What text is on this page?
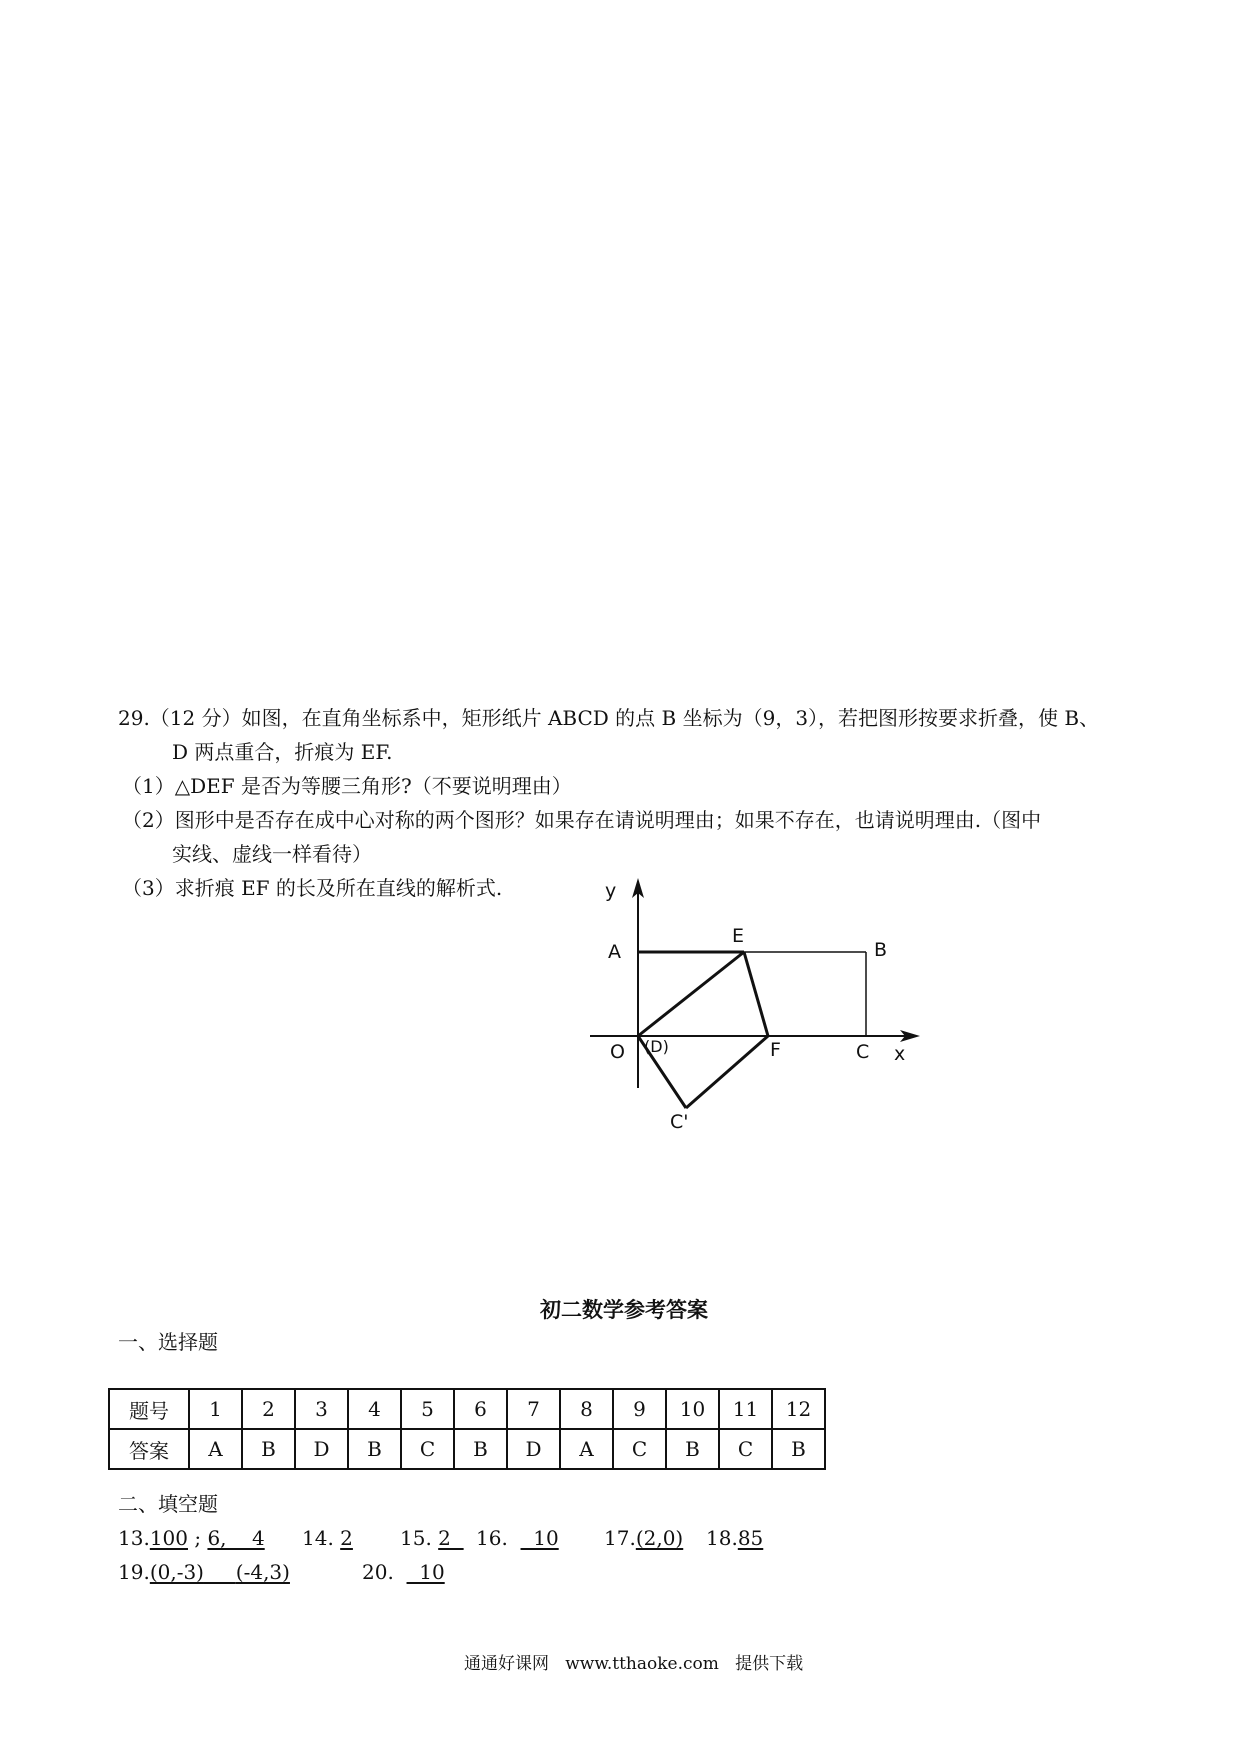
29.（12 分）如图，在直角坐标系中，矩形纸片 ABCD 的点 B 坐标为（9，3），若把图形按要求折叠，使 B、
D 两点重合，折痕为 EF.
（1）△DEF 是否为等腰三角形?（不要说明理由）
（2）图形中是否存在成中心对称的两个图形？如果存在请说明理由；如果不存在，也请说明理由.（图中
实线、虚线一样看待）
（3）求折痕 EF 的长及所在直线的解析式.	y
A
E
B
O (D)	F	C x
C'
初二数学参考答案
一、选择题
题号	1	2	3	4	5	6	7	8	9	10	11	12
答案	A	B	D	B	C	B	D	A	C	B	C	B
二、填空题
13.100 ; 6,    4 14. 2 15. 2 16.    10 17.(2,0) 18.85
19.(0,-3) (-4,3)	20.    10
通通好课网   www.tthaoke.com   提供下载
